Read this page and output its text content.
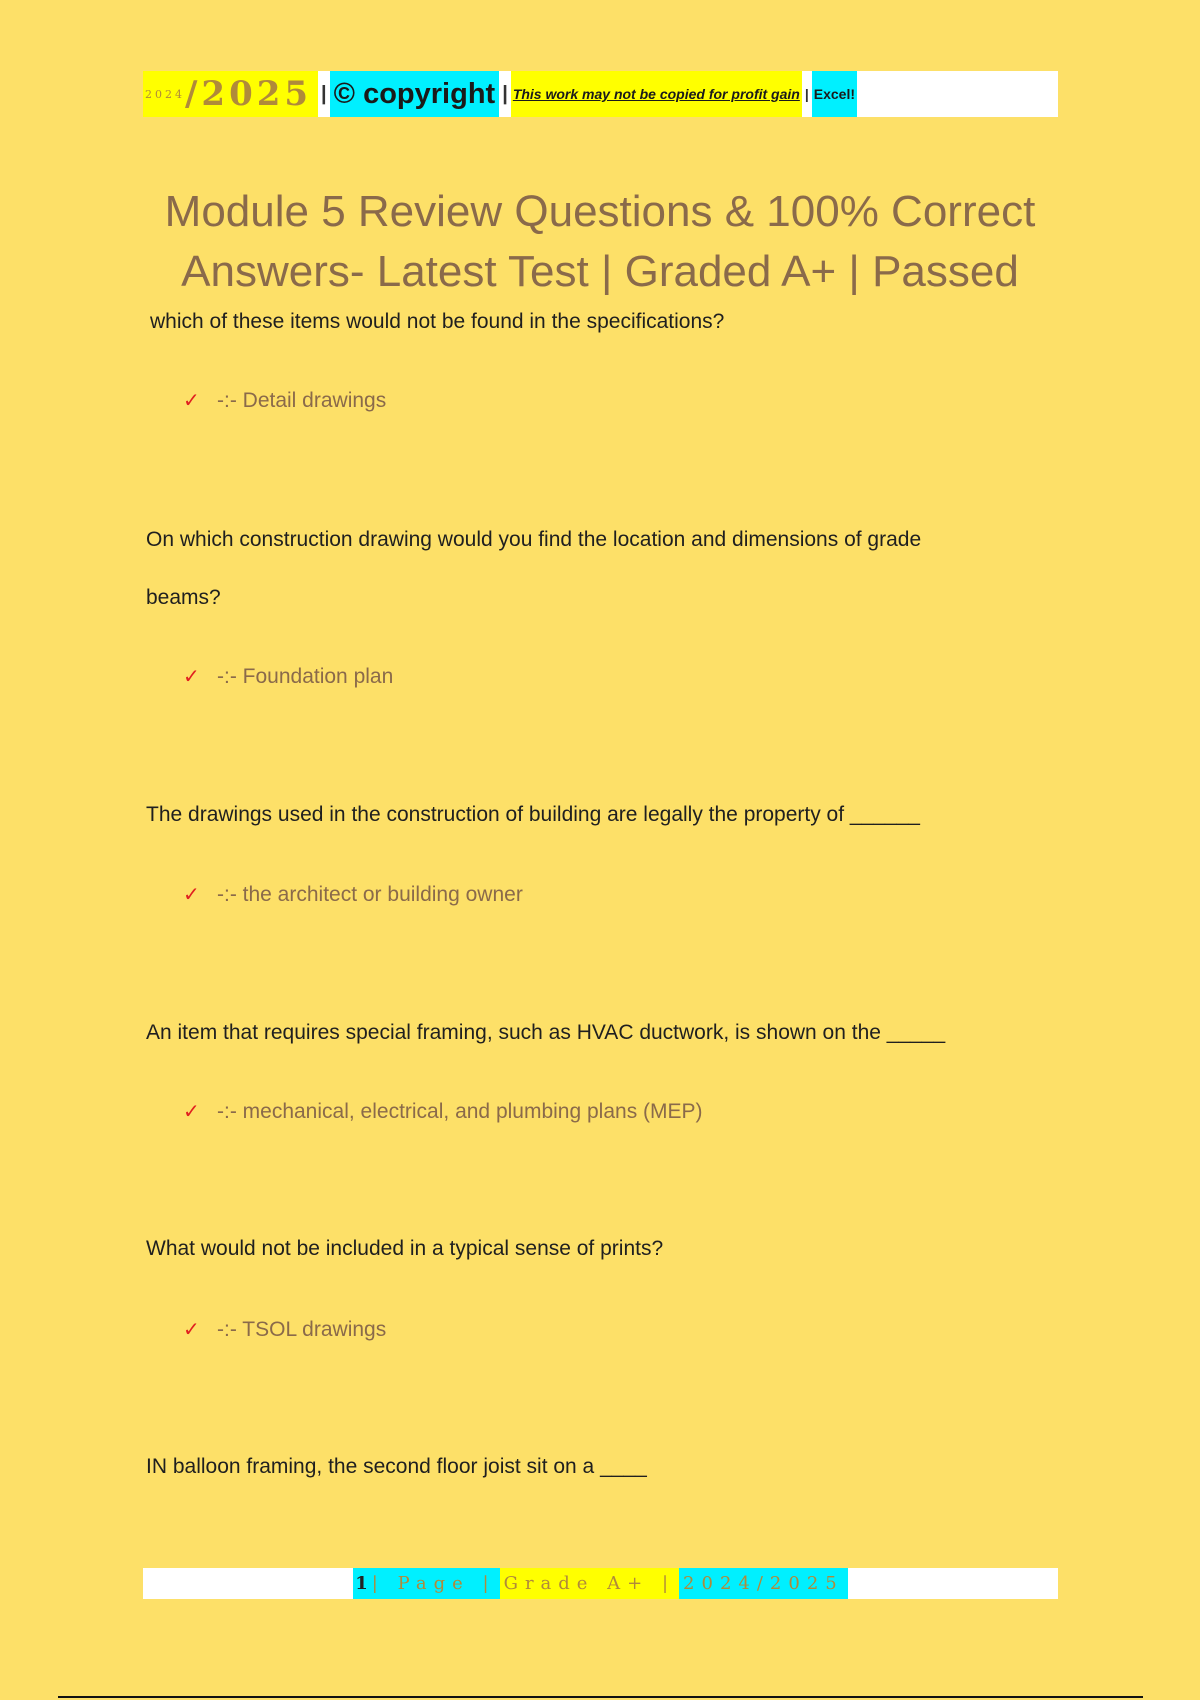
2024 /2025 | © copyright | This work may not be copied for profit gain | Excel!
Module 5 Review Questions & 100% Correct
Answers- Latest Test | Graded A+ | Passed
which of these items would not be found in the specifications?
✓ -:- Detail drawings
On which construction drawing would you find the location and dimensions of grade
beams?
✓ -:- Foundation plan
The drawings used in the construction of building are legally the property of ______
✓ -:- the architect or building owner
An item that requires special framing, such as HVAC ductwork, is shown on the _____
✓ -:- mechanical, electrical, and plumbing plans (MEP)
What would not be included in a typical sense of prints?
✓ -:- TSOL drawings
IN balloon framing, the second floor joist sit on a ____
1 | Page | Grade A+ | 2024/2025
